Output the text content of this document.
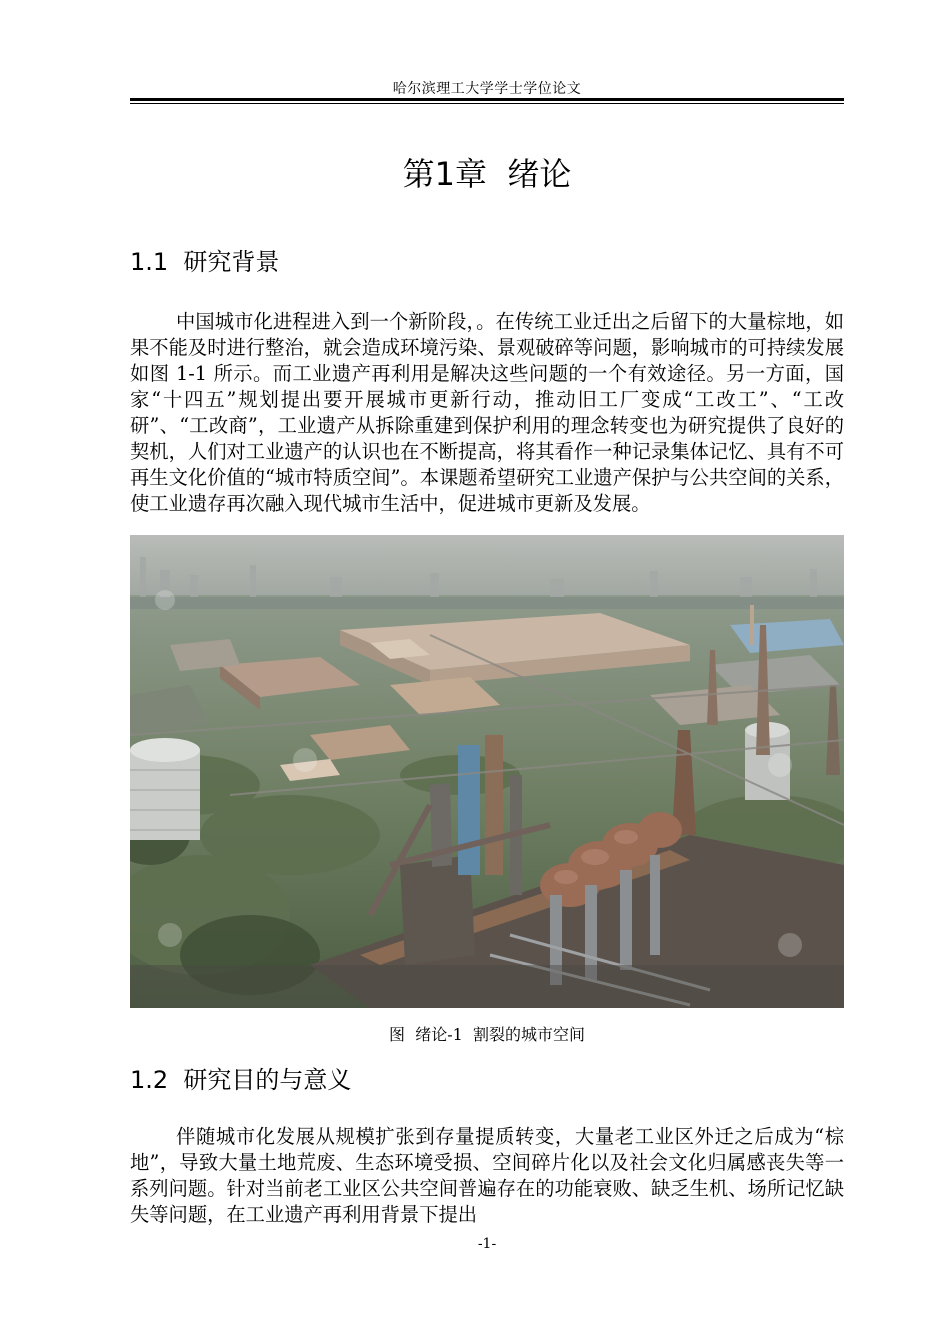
哈尔滨理工大学学士学位论文
第1章  绪论
1.1  研究背景

中国城市化进程进入到一个新阶段，。在传统工业迁出之后留下的大量棕地，如果不能及时进行整治，就会造成环境污染、景观破碎等问题，影响城市的可持续发展如图 1-1 所示。而工业遗产再利用是解决这些问题的一个有效途径。另一方面，国家“十四五”规划提出要开展城市更新行动，推动旧工厂变成“工改工”、“工改研”、“工改商”，工业遗产从拆除重建到保护利用的理念转变也为研究提供了良好的契机，人们对工业遗产的认识也在不断提高，将其看作一种记录集体记忆、具有不可再生文化价值的“城市特质空间”。本课题希望研究工业遗产保护与公共空间的关系，使工业遗存再次融入现代城市生活中，促进城市更新及发展。

图  绪论-1  割裂的城市空间
1.2  研究目的与意义

伴随城市化发展从规模扩张到存量提质转变，大量老工业区外迁之后成为“棕地”，导致大量土地荒废、生态环境受损、空间碎片化以及社会文化归属感丧失等一系列问题。针对当前老工业区公共空间普遍存在的功能衰败、缺乏生机、场所记忆缺失等问题，在工业遗产再利用背景下提出

-1-
